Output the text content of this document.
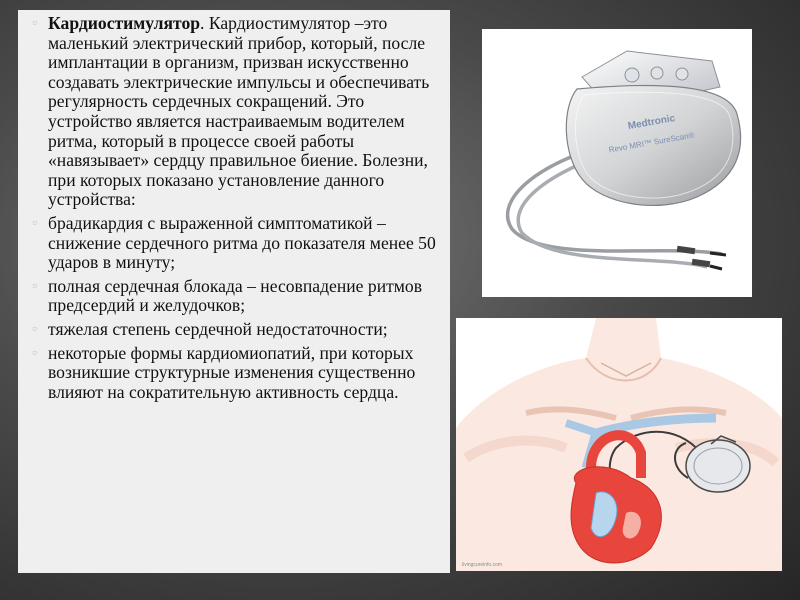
▫ Кардиостимулятор. Кардиостимулятор –это маленький электрический прибор, который, после имплантации в организм, призван искусственно создавать электрические импульсы и обеспечивать регулярность сердечных сокращений. Это устройство является настраиваемым водителем ритма, который в процессе своей работы «навязывает» сердцу правильное биение. Болезни, при которых показано установление данного устройства:
▫ брадикардия с выраженной симптоматикой – снижение сердечного ритма до показателя менее 50 ударов в минуту;
▫ полная сердечная блокада – несовпадение ритмов предсердий и желудочков;
▫ тяжелая степень сердечной недостаточности;
▫ некоторые формы кардиомиопатий, при которых возникшие структурные изменения существенно влияют на сократительную активность сердца.
Medtronic
Revo MRI™ SureScan®
livingcureinfo.com
